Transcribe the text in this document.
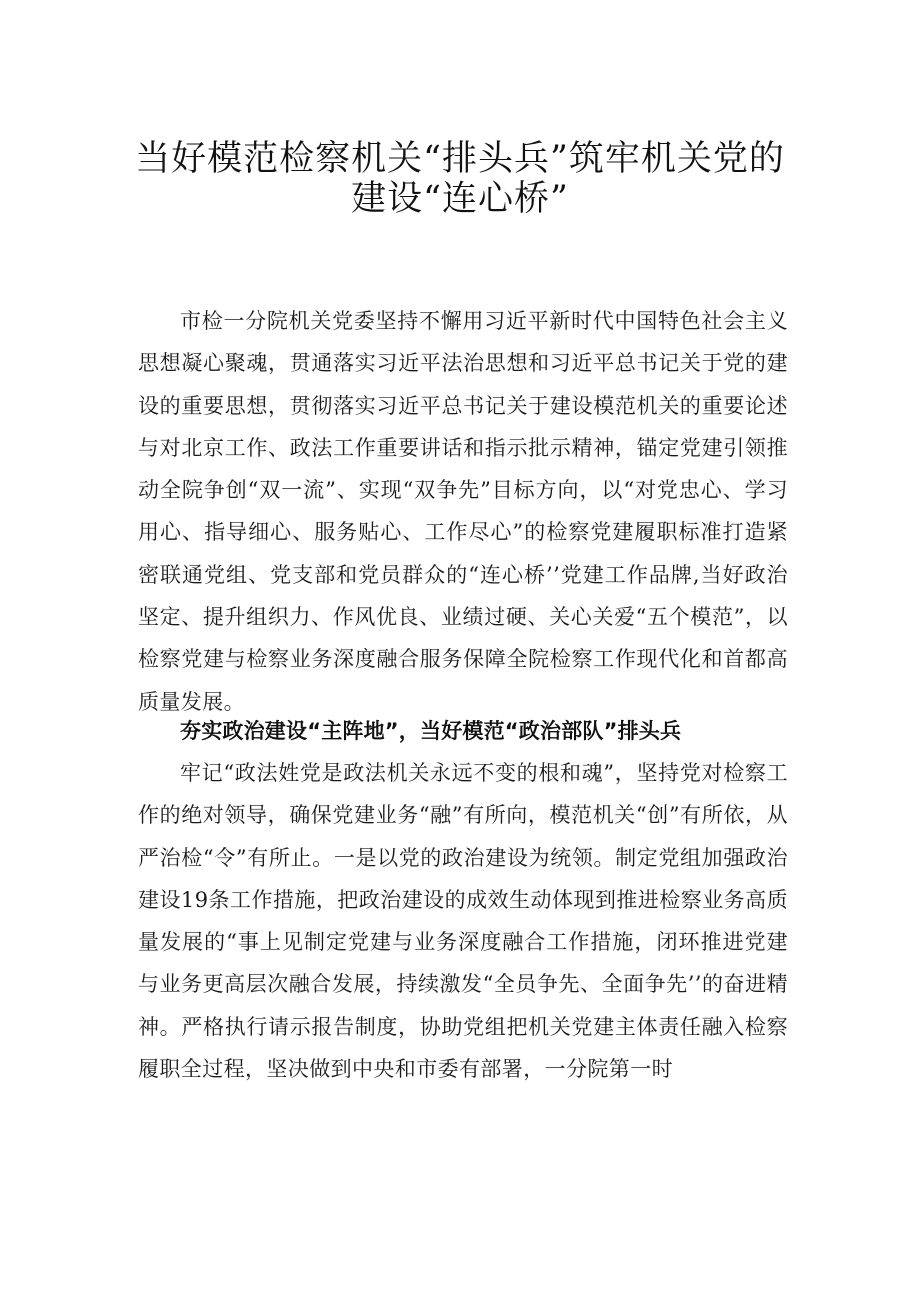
当好模范检察机关“排头兵”筑牢机关党的
建设“连心桥”

市检一分院机关党委坚持不懈用习近平新时代中国特色社会主义思想凝心聚魂，贯通落实习近平法治思想和习近平总书记关于党的建设的重要思想，贯彻落实习近平总书记关于建设模范机关的重要论述与对北京工作、政法工作重要讲话和指示批示精神，锚定党建引领推动全院争创“双一流”、实现“双争先”目标方向，以“对党忠心、学习用心、指导细心、服务贴心、工作尽心”的检察党建履职标准打造紧密联通党组、党支部和党员群众的“连心桥’’党建工作品牌,当好政治坚定、提升组织力、作风优良、业绩过硬、关心关爱“五个模范”，以检察党建与检察业务深度融合服务保障全院检察工作现代化和首都高质量发展。

夯实政治建设“主阵地”，当好模范“政治部队”排头兵

牢记“政法姓党是政法机关永远不变的根和魂”，坚持党对检察工作的绝对领导，确保党建业务“融”有所向，模范机关“创”有所依，从严治检“令”有所止。一是以党的政治建设为统领。制定党组加强政治建设19条工作措施，把政治建设的成效生动体现到推进检察业务高质量发展的“事上见制定党建与业务深度融合工作措施，闭环推进党建与业务更高层次融合发展，持续激发“全员争先、全面争先’’的奋进精神。严格执行请示报告制度，协助党组把机关党建主体责任融入检察履职全过程，坚决做到中央和市委有部署，一分院第一时
